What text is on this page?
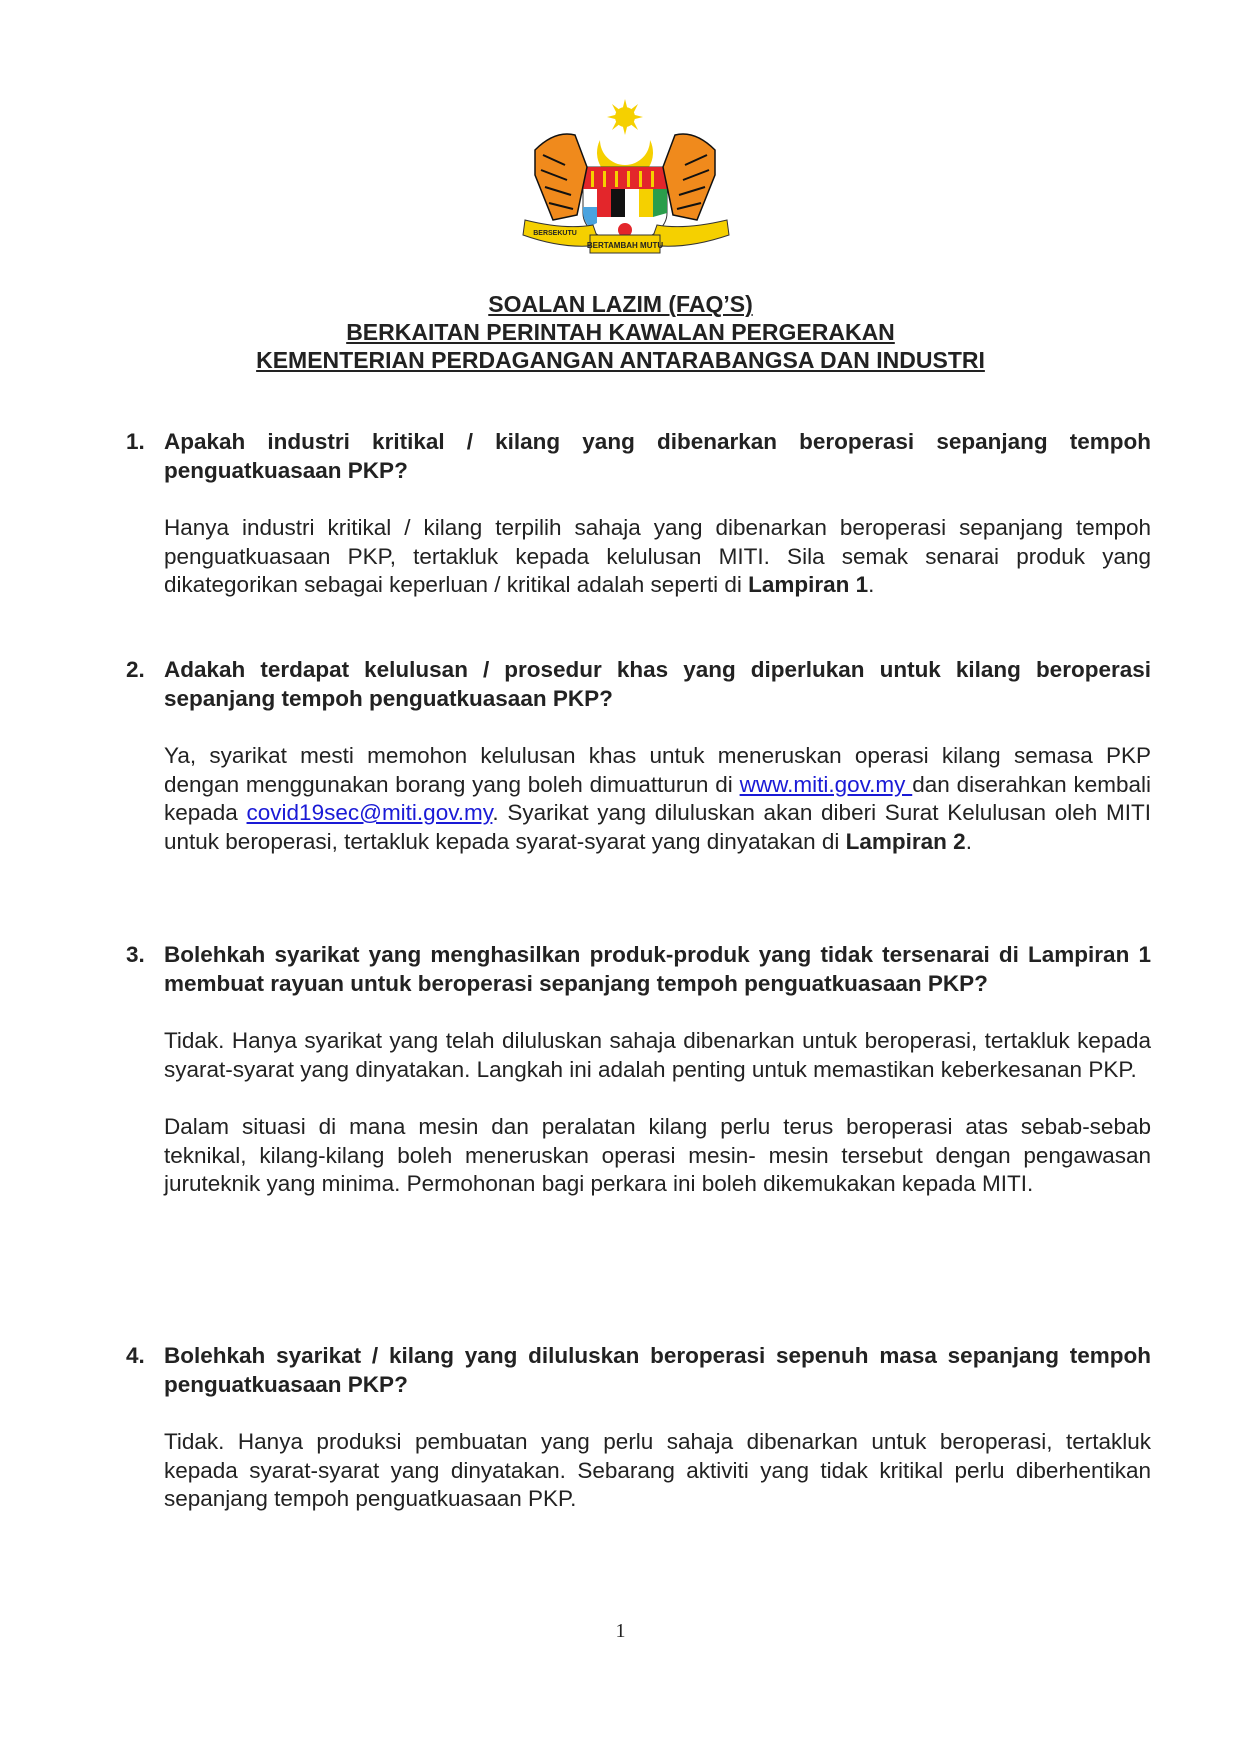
BERTAMBAH MUTU
BERSEKUTU
SOALAN LAZIM (FAQ’S)
BERKAITAN PERINTAH KAWALAN PERGERAKAN
KEMENTERIAN PERDAGANGAN ANTARABANGSA DAN INDUSTRI
1. Apakah industri kritikal / kilang yang dibenarkan beroperasi sepanjang tempoh penguatkuasaan PKP?
Hanya industri kritikal / kilang terpilih sahaja yang dibenarkan beroperasi sepanjang tempoh penguatkuasaan PKP, tertakluk kepada kelulusan MITI. Sila semak senarai produk yang dikategorikan sebagai keperluan / kritikal adalah seperti di Lampiran 1.
2. Adakah terdapat kelulusan / prosedur khas yang diperlukan untuk kilang beroperasi sepanjang tempoh penguatkuasaan PKP?
Ya, syarikat mesti memohon kelulusan khas untuk meneruskan operasi kilang semasa PKP dengan menggunakan borang yang boleh dimuatturun di www.miti.gov.my dan diserahkan kembali kepada covid19sec@miti.gov.my. Syarikat yang diluluskan akan diberi Surat Kelulusan oleh MITI untuk beroperasi, tertakluk kepada syarat-syarat yang dinyatakan di Lampiran 2.
3. Bolehkah syarikat yang menghasilkan produk-produk yang tidak tersenarai di Lampiran 1 membuat rayuan untuk beroperasi sepanjang tempoh penguatkuasaan PKP?
Tidak. Hanya syarikat yang telah diluluskan sahaja dibenarkan untuk beroperasi, tertakluk kepada syarat-syarat yang dinyatakan. Langkah ini adalah penting untuk memastikan keberkesanan PKP.
Dalam situasi di mana mesin dan peralatan kilang perlu terus beroperasi atas sebab-sebab teknikal, kilang-kilang boleh meneruskan operasi mesin- mesin tersebut dengan pengawasan juruteknik yang minima. Permohonan bagi perkara ini boleh dikemukakan kepada MITI.
4. Bolehkah syarikat / kilang yang diluluskan beroperasi sepenuh masa sepanjang tempoh penguatkuasaan PKP?
Tidak. Hanya produksi pembuatan yang perlu sahaja dibenarkan untuk beroperasi, tertakluk kepada syarat-syarat yang dinyatakan. Sebarang aktiviti yang tidak kritikal perlu diberhentikan sepanjang tempoh penguatkuasaan PKP.
1
